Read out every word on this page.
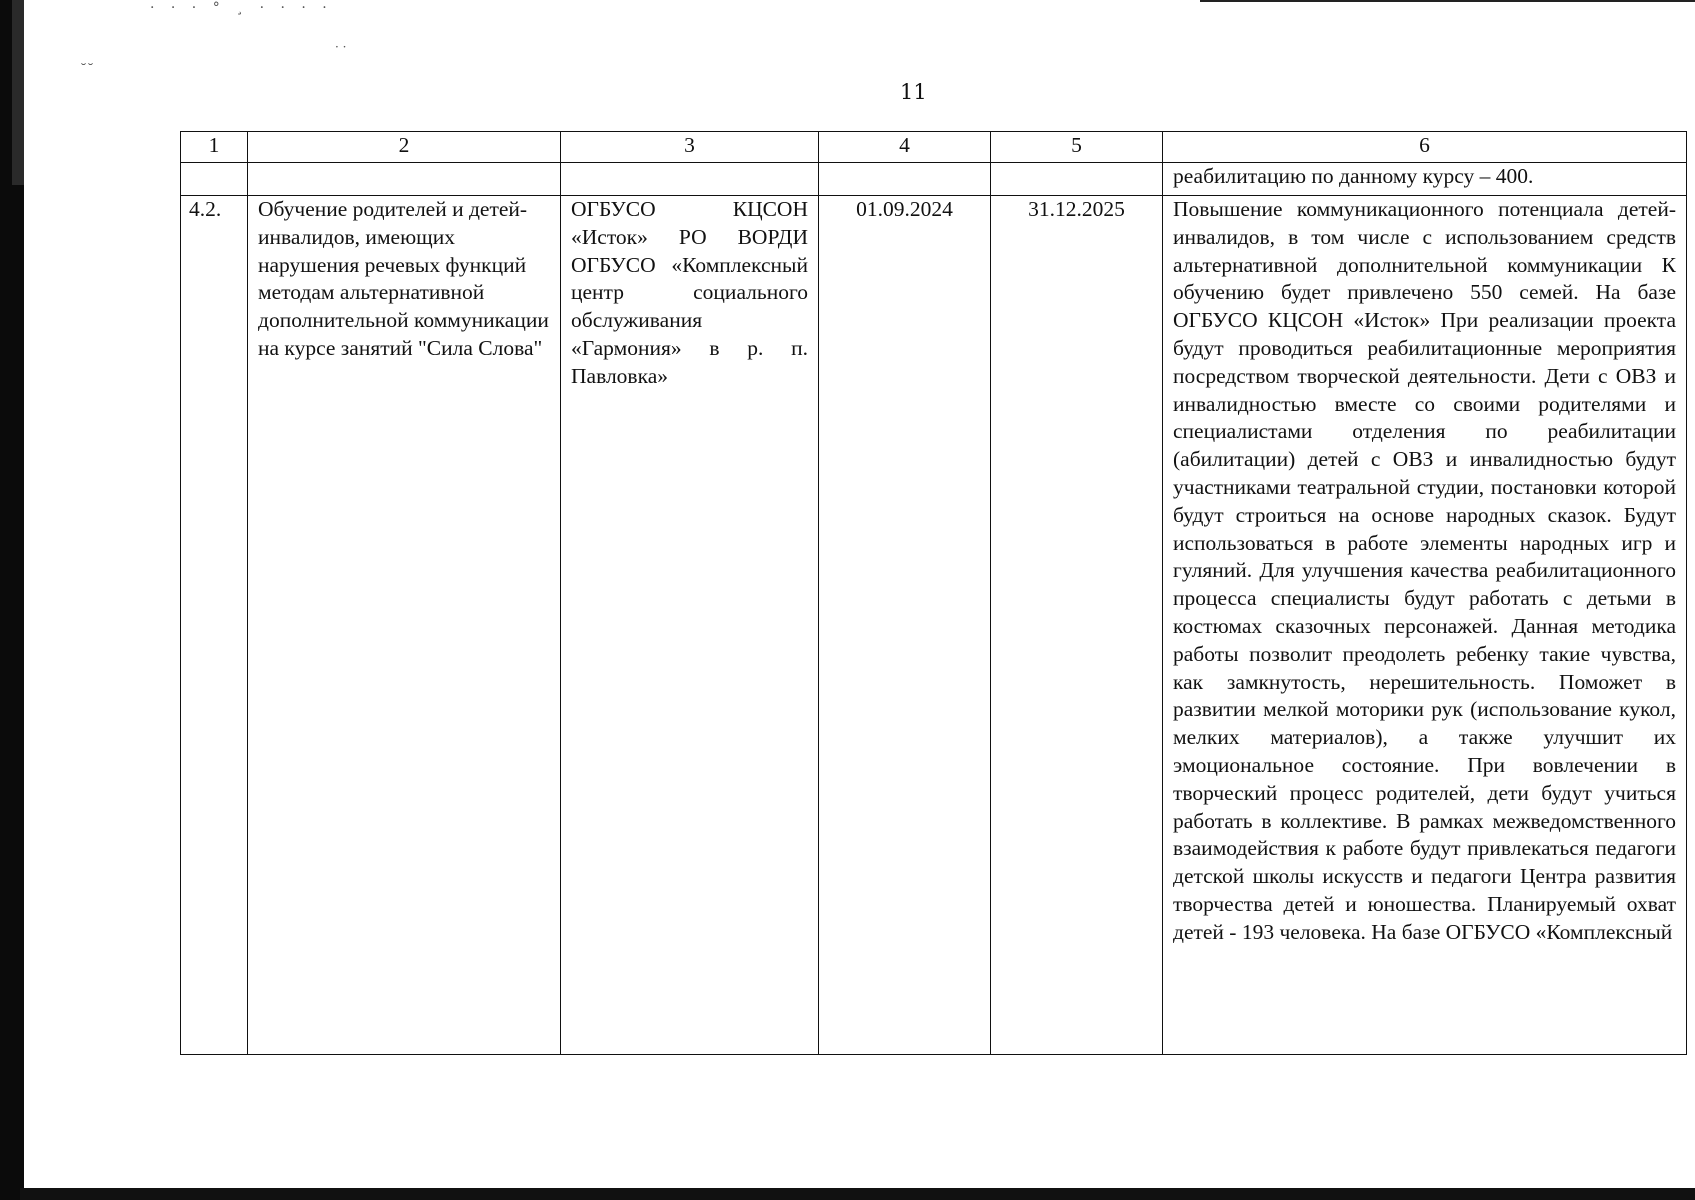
· · · ° ¸ · · · ·
˘˘
· ·
11
1	2	3	4	5	6
					реабилитацию по данному курсу – 400.
4.2.	Обучение родителей и детей-инвалидов, имеющих нарушения речевых функций методам альтернативной дополнительной коммуникации на курсе занятий "Сила Слова"	ОГБУСО КЦСОН «Исток» РО ВОРДИ ОГБУСО «Комплексный центр социального обслуживания «Гармония» в р. п. Павловка»	01.09.2024	31.12.2025	Повышение коммуникационного потенциала детей-инвалидов, в том числе с использованием средств альтернативной дополнительной коммуникации К обучению будет привлечено 550 семей. На базе ОГБУСО КЦСОН «Исток» При реализации проекта будут проводиться реабилитационные мероприятия посредством творческой деятельности. Дети с ОВЗ и инвалидностью вместе со своими родителями и специалистами отделения по реабилитации (абилитации) детей с ОВЗ и инвалидностью будут участниками театральной студии, постановки которой будут строиться на основе народных сказок. Будут использоваться в работе элементы народных игр и гуляний. Для улучшения качества реабилитационного процесса специалисты будут работать с детьми в костюмах сказочных персонажей. Данная методика работы позволит преодолеть ребенку такие чувства, как замкнутость, нерешительность. Поможет в развитии мелкой моторики рук (использование кукол, мелких материалов), а также улучшит их эмоциональное состояние. При вовлечении в творческий процесс родителей, дети будут учиться работать в коллективе. В рамках межведомственного взаимодействия к работе будут привлекаться педагоги детской школы искусств и педагоги Центра развития творчества детей и юношества. Планируемый охват детей - 193 человека. На базе ОГБУСО «Комплексный
